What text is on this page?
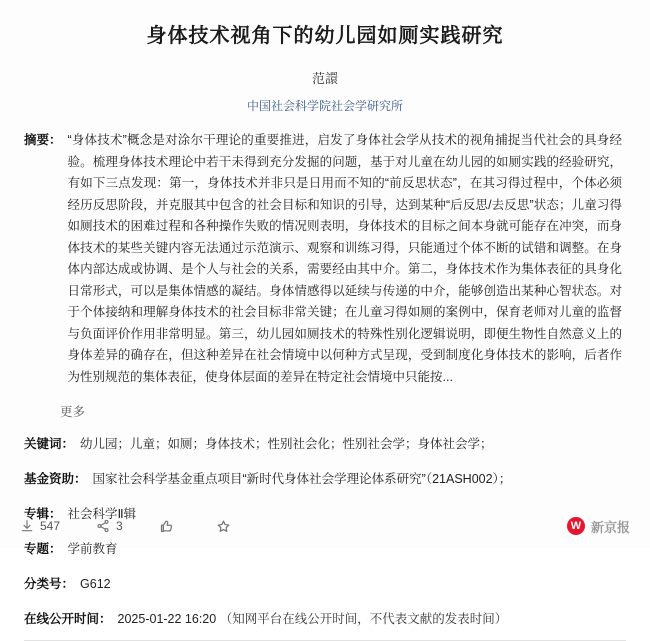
身体技术视角下的幼儿园如厕实践研究
范譞
中国社会科学院社会学研究所
摘要： “身体技术”概念是对涂尔干理论的重要推进，启发了身体社会学从技术的视角捕捉当代社会的具身经验。梳理身体技术理论中若干未得到充分发掘的问题，基于对儿童在幼儿园的如厕实践的经验研究，有如下三点发现：第一，身体技术并非只是日用而不知的“前反思状态”，在其习得过程中，个体必须经历反思阶段，并克服其中包含的社会目标和知识的引导，达到某种“后反思/去反思”状态；儿童习得如厕技术的困难过程和各种操作失败的情况则表明，身体技术的目标之间本身就可能存在冲突，而身体技术的某些关键内容无法通过示范演示、观察和训练习得，只能通过个体不断的试错和调整。在身体内部达成或协调、是个人与社会的关系，需要经由其中介。第二，身体技术作为集体表征的具身化日常形式，可以是集体情感的凝结。身体情感得以延续与传递的中介，能够创造出某种心智状态。对于个体接纳和理解身体技术的社会目标非常关键；在儿童习得如厕的案例中，保育老师对儿童的监督与负面评价作用非常明显。第三，幼儿园如厕技术的特殊性别化逻辑说明，即便生物性自然意义上的身体差异的确存在，但这种差异在社会情境中以何种方式呈现，受到制度化身体技术的影响，后者作为性别规范的集体表征，使身体层面的差异在特定社会情境中只能按...
更多
关键词： 幼儿园；儿童；如厕；身体技术；性别社会化；性别社会学；身体社会学；
基金资助： 国家社会科学基金重点项目“新时代身体社会学理论体系研究”（21ASH002）；
专辑： 社会科学Ⅱ辑
专题： 学前教育
分类号： G612
在线公开时间： 2025-01-22 16:20 （知网平台在线公开时间，不代表文献的发表时间）
547	3	W 新京报
